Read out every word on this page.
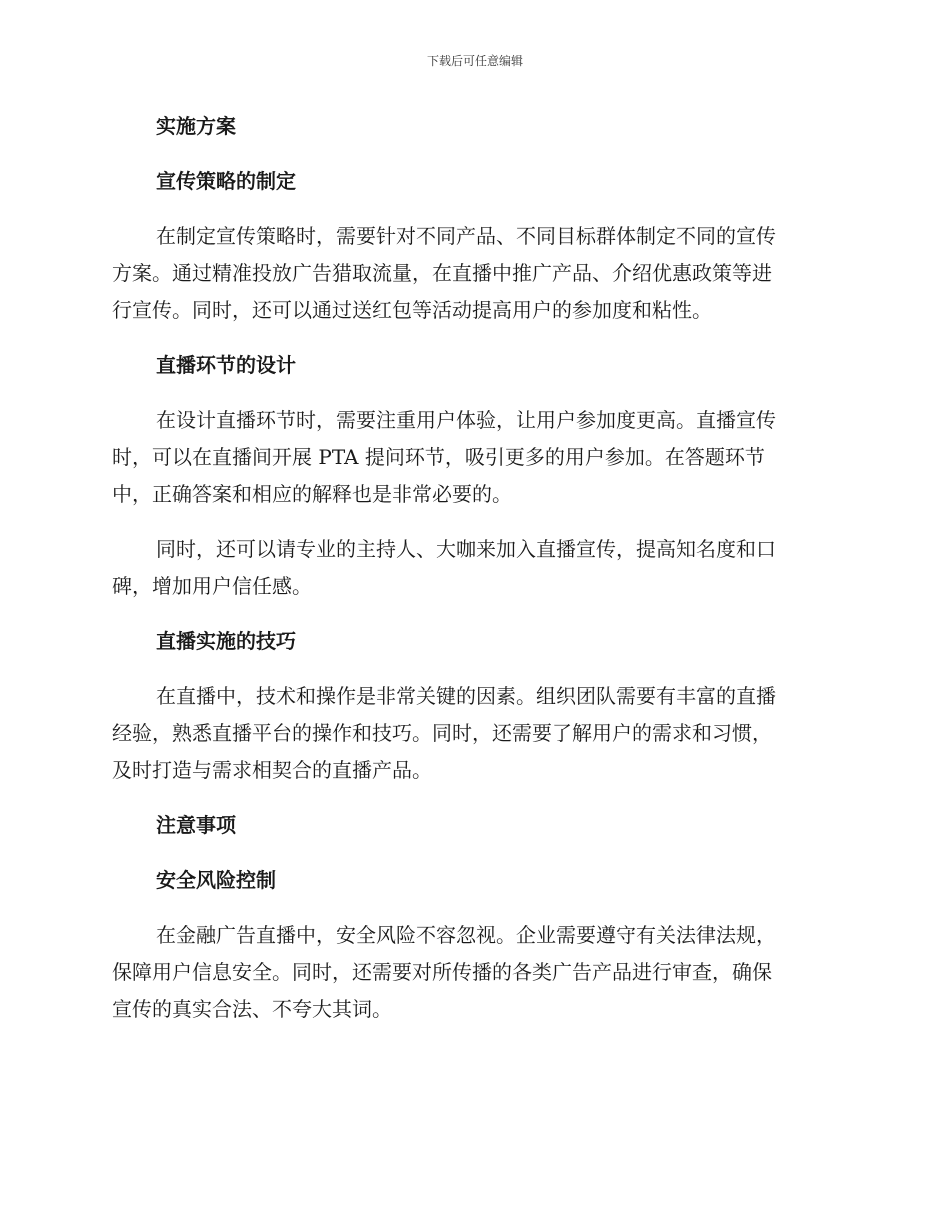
下载后可任意编辑
实施方案
宣传策略的制定
在制定宣传策略时，需要针对不同产品、不同目标群体制定不同的宣传
方案。通过精准投放广告猎取流量，在直播中推广产品、介绍优惠政策等进
行宣传。同时，还可以通过送红包等活动提高用户的参加度和粘性。
直播环节的设计
在设计直播环节时，需要注重用户体验，让用户参加度更高。直播宣传
时，可以在直播间开展 PTA 提问环节，吸引更多的用户参加。在答题环节
中，正确答案和相应的解释也是非常必要的。
同时，还可以请专业的主持人、大咖来加入直播宣传，提高知名度和口
碑，增加用户信任感。
直播实施的技巧
在直播中，技术和操作是非常关键的因素。组织团队需要有丰富的直播
经验，熟悉直播平台的操作和技巧。同时，还需要了解用户的需求和习惯，
及时打造与需求相契合的直播产品。
注意事项
安全风险控制
在金融广告直播中，安全风险不容忽视。企业需要遵守有关法律法规，
保障用户信息安全。同时，还需要对所传播的各类广告产品进行审查，确保
宣传的真实合法、不夸大其词。
